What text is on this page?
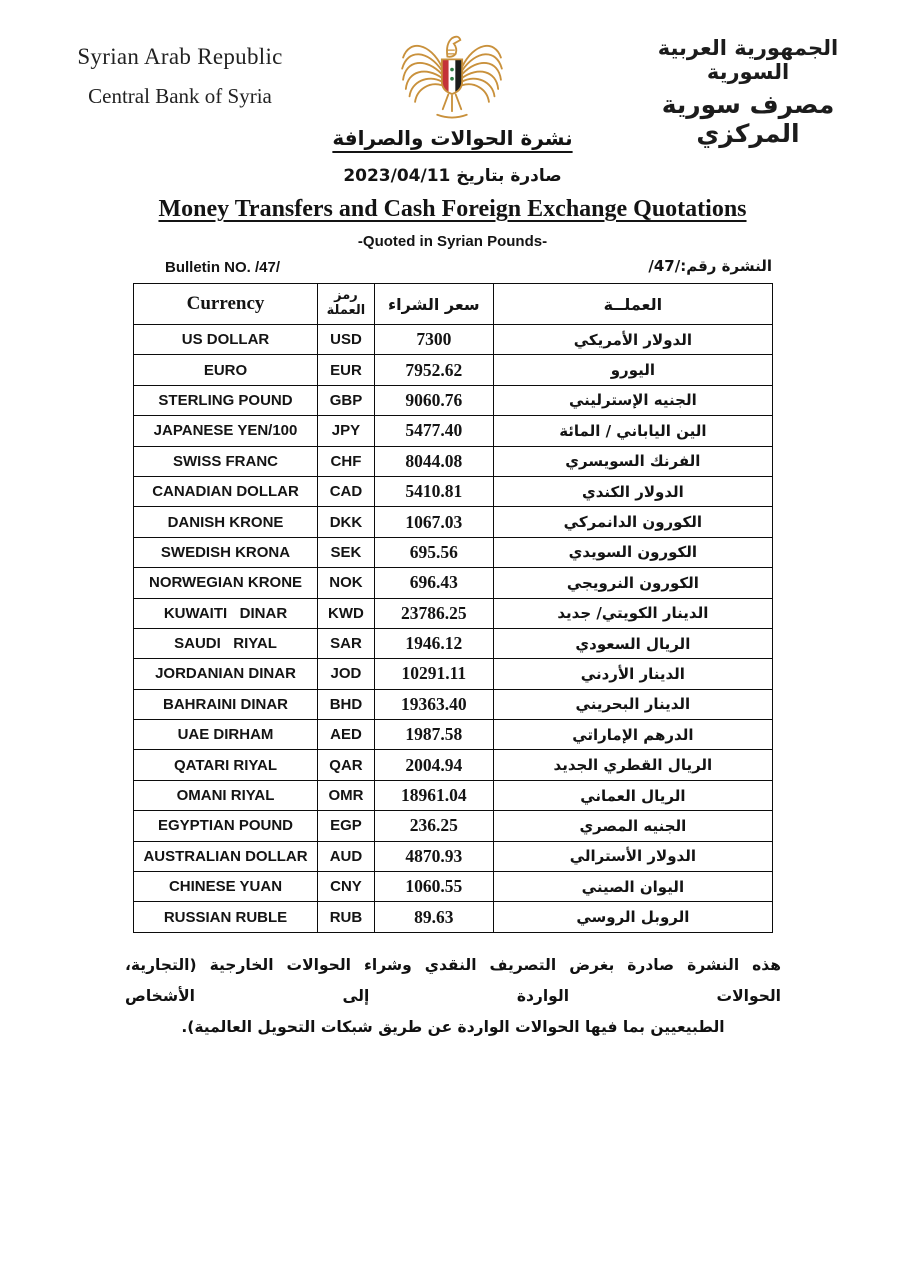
Syrian Arab Republic
Central Bank of Syria
الجمهورية العربية السورية
مصرف سورية المركزي
نشرة الحوالات والصرافة
صادرة بتاريخ 2023/04/11
Money Transfers and Cash Foreign Exchange Quotations
-Quoted in Syrian Pounds-
Bulletin NO. /47/	النشرة رقم:/47/
Currency	رمز العملة	سعر الشراء	العملــة
US DOLLAR	USD	7300	الدولار الأمريكي
EURO	EUR	7952.62	اليورو
STERLING POUND	GBP	9060.76	الجنيه الإسترليني
JAPANESE YEN/100	JPY	5477.40	الين الياباني / المائة
SWISS FRANC	CHF	8044.08	الفرنك السويسري
CANADIAN DOLLAR	CAD	5410.81	الدولار الكندي
DANISH KRONE	DKK	1067.03	الكورون الدانمركي
SWEDISH KRONA	SEK	695.56	الكورون السويدي
NORWEGIAN KRONE	NOK	696.43	الكورون النرويجي
KUWAITI   DINAR	KWD	23786.25	الدينار الكويتي/ جديد
SAUDI   RIYAL	SAR	1946.12	الريال السعودي
JORDANIAN DINAR	JOD	10291.11	الدينار الأردني
BAHRAINI DINAR	BHD	19363.40	الدينار البحريني
UAE DIRHAM	AED	1987.58	الدرهم الإماراتي
QATARI RIYAL	QAR	2004.94	الريال القطري الجديد
OMANI RIYAL	OMR	18961.04	الريال العماني
EGYPTIAN POUND	EGP	236.25	الجنيه المصري
AUSTRALIAN DOLLAR	AUD	4870.93	الدولار الأسترالي
CHINESE YUAN	CNY	1060.55	اليوان الصيني
RUSSIAN RUBLE	RUB	89.63	الروبل الروسي
هذه النشرة صادرة بغرض التصريف النقدي وشراء الحوالات الخارجية (التجارية، الحوالات الواردة إلى الأشخاص
الطبيعيين بما فيها الحوالات الواردة عن طريق شبكات التحويل العالمية).
